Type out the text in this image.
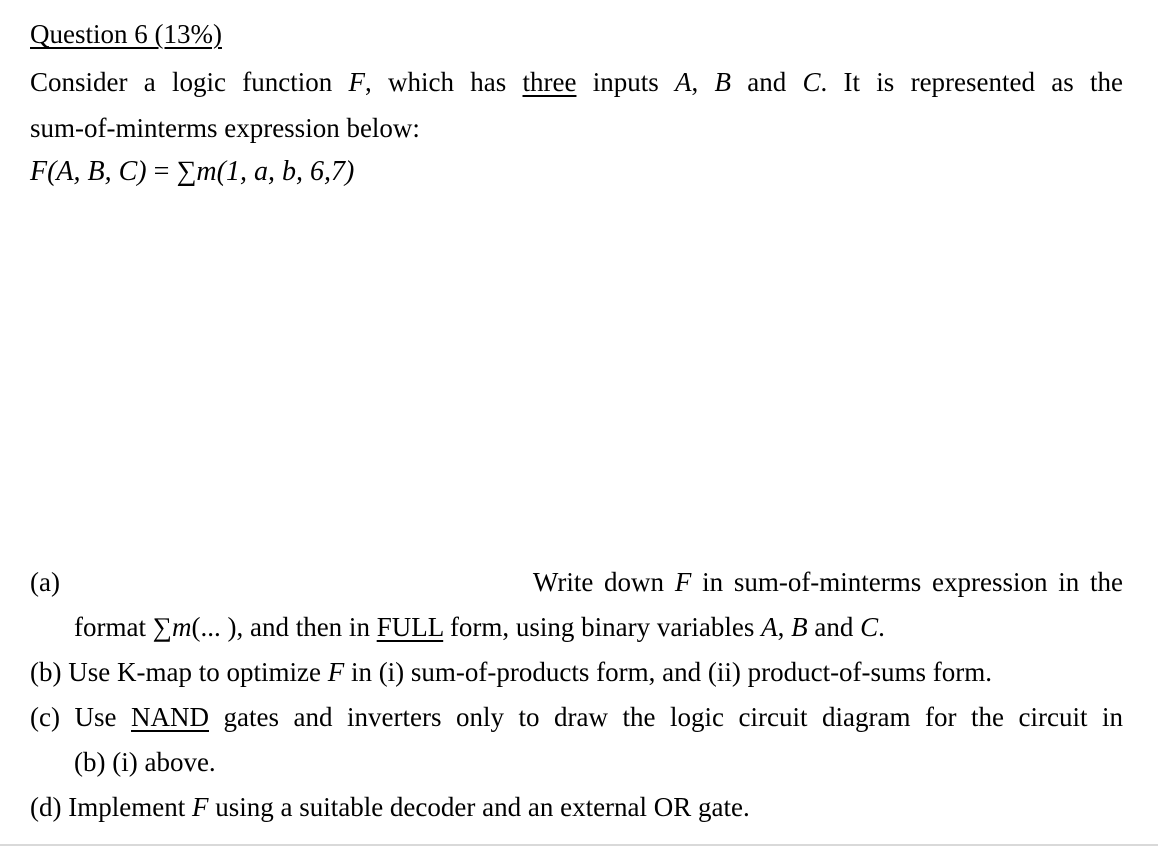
Question 6 (13%)
Consider a logic function F, which has three inputs A, B and C. It is represented as the
sum-of-minterms expression below:
F(A, B, C) = ∑m(1, a, b, 6,7)
(a)	Write down F in sum-of-minterms expression in the
format ∑m(... ), and then in FULL form, using binary variables A, B and C.
(b) Use K-map to optimize F in (i) sum-of-products form, and (ii) product-of-sums form.
(c) Use NAND gates and inverters only to draw the logic circuit diagram for the circuit in
(b) (i) above.
(d) Implement F using a suitable decoder and an external OR gate.
